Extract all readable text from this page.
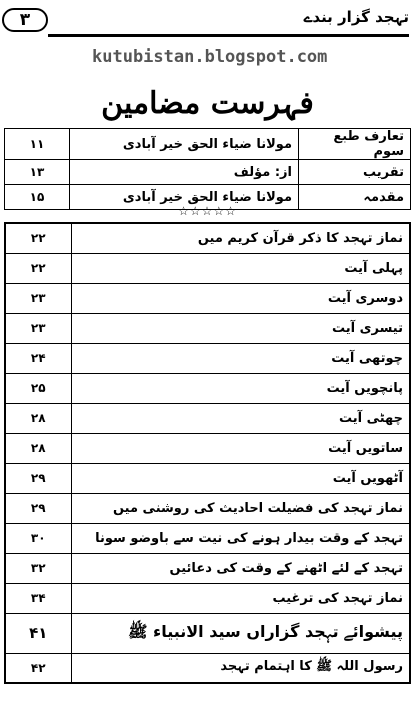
۳	تہجد گزار بندے
kutubistan.blogspot.com
فہرست مضامین
تعارف طبع سوم	مولانا ضیاء الحق خیر آبادی	۱۱
تقریب	از: مؤلف	۱۳
مقدمہ	مولانا ضیاء الحق خیر آبادی	۱۵
☆☆☆☆☆
نماز تہجد کا ذکر قرآن کریم میں	۲۲
پہلی آیت	۲۲
دوسری آیت	۲۳
تیسری آیت	۲۳
چوتھی آیت	۲۴
پانچویں آیت	۲۵
چھٹی آیت	۲۸
ساتویں آیت	۲۸
آٹھویں آیت	۲۹
نماز تہجد کی فضیلت احادیث کی روشنی میں	۲۹
تہجد کے وقت بیدار ہونے کی نیت سے باوضو سونا	۳۰
تہجد کے لئے اٹھنے کے وقت کی دعائیں	۳۲
نماز تہجد کی ترغیب	۳۴
پیشوائے تہجد گزاراں سید الانبیاء ﷺ	۴۱
رسول اللہ ﷺ کا اہتمام تہجد	۴۲
